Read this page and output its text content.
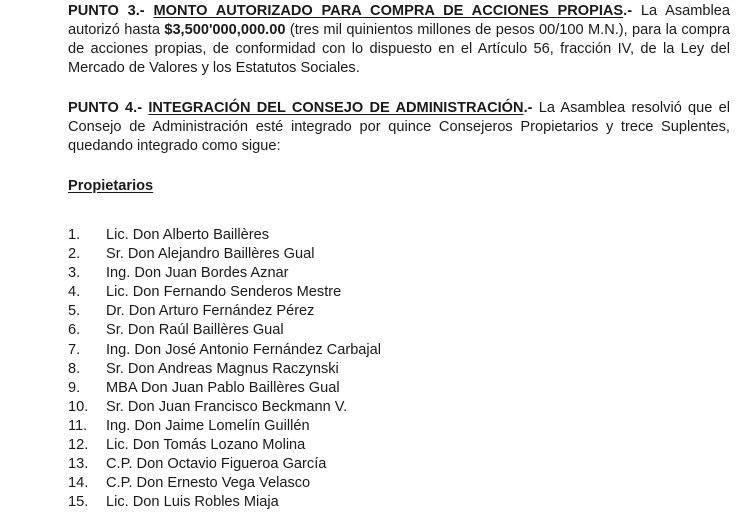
PUNTO 3.- MONTO AUTORIZADO PARA COMPRA DE ACCIONES PROPIAS.- La Asamblea autorizó hasta $3,500'000,000.00 (tres mil quinientos millones de pesos 00/100 M.N.), para la compra de acciones propias, de conformidad con lo dispuesto en el Artículo 56, fracción IV, de la Ley del Mercado de Valores y los Estatutos Sociales.

PUNTO 4.- INTEGRACIÓN DEL CONSEJO DE ADMINISTRACIÓN.- La Asamblea resolvió que el Consejo de Administración esté integrado por quince Consejeros Propietarios y trece Suplentes, quedando integrado como sigue:

Propietarios

1. Lic. Don Alberto Baillères
2. Sr. Don Alejandro Baillères Gual
3. Ing. Don Juan Bordes Aznar
4. Lic. Don Fernando Senderos Mestre
5. Dr. Don Arturo Fernández Pérez
6. Sr. Don Raúl Baillères Gual
7. Ing. Don José Antonio Fernández Carbajal
8. Sr. Don Andreas Magnus Raczynski
9. MBA Don Juan Pablo Baillères Gual
10. Sr. Don Juan Francisco Beckmann V.
11. Ing. Don Jaime Lomelín Guillén
12. Lic. Don Tomás Lozano Molina
13. C.P. Don Octavio Figueroa García
14. C.P. Don Ernesto Vega Velasco
15. Lic. Don Luis Robles Miaja
